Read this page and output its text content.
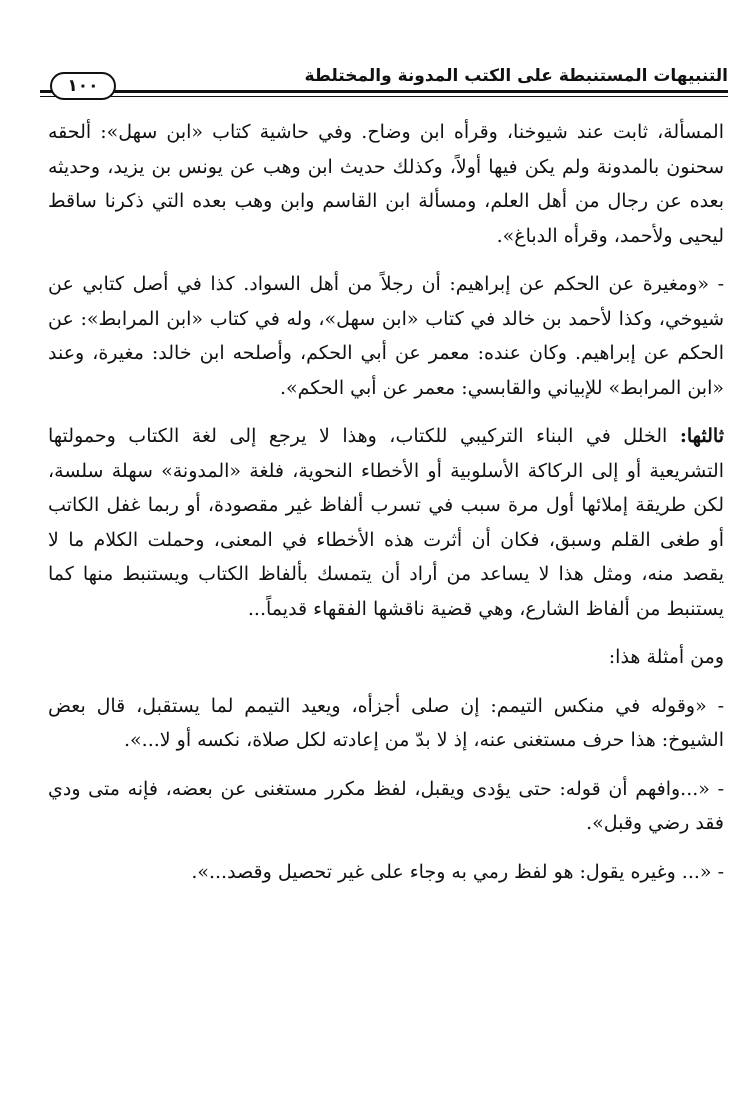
التنبيهات المستنبطة على الكتب المدونة والمختلطة
١٠٠

المسألة، ثابت عند شيوخنا، وقرأه ابن وضاح. وفي حاشية كتاب «ابن سهل»: ألحقه سحنون بالمدونة ولم يكن فيها أولاً، وكذلك حديث ابن وهب عن يونس بن يزيد، وحديثه بعده عن رجال من أهل العلم، ومسألة ابن القاسم وابن وهب بعده التي ذكرنا ساقط ليحيى ولأحمد، وقرأه الدباغ».

- «ومغيرة عن الحكم عن إبراهيم: أن رجلاً من أهل السواد. كذا في أصل كتابي عن شيوخي، وكذا لأحمد بن خالد في كتاب «ابن سهل»، وله في كتاب «ابن المرابط»: عن الحكم عن إبراهيم. وكان عنده: معمر عن أبي الحكم، وأصلحه ابن خالد: مغيرة، وعند «ابن المرابط» للإبياني والقابسي: معمر عن أبي الحكم».

ثالثها: الخلل في البناء التركيبي للكتاب، وهذا لا يرجع إلى لغة الكتاب وحمولتها التشريعية أو إلى الركاكة الأسلوبية أو الأخطاء النحوية، فلغة «المدونة» سهلة سلسة، لكن طريقة إملائها أول مرة سبب في تسرب ألفاظ غير مقصودة، أو ربما غفل الكاتب أو طغى القلم وسبق، فكان أن أثرت هذه الأخطاء في المعنى، وحملت الكلام ما لا يقصد منه، ومثل هذا لا يساعد من أراد أن يتمسك بألفاظ الكتاب ويستنبط منها كما يستنبط من ألفاظ الشارع، وهي قضية ناقشها الفقهاء قديماً...

ومن أمثلة هذا:

- «وقوله في منكس التيمم: إن صلى أجزأه، ويعيد التيمم لما يستقبل، قال بعض الشيوخ: هذا حرف مستغنى عنه، إذ لا بدّ من إعادته لكل صلاة، نكسه أو لا...».

- «...وافهم أن قوله: حتى يؤدى ويقبل، لفظ مكرر مستغنى عن بعضه، فإنه متى ودي فقد رضي وقبل».

- «... وغيره يقول: هو لفظ رمي به وجاء على غير تحصيل وقصد...».
